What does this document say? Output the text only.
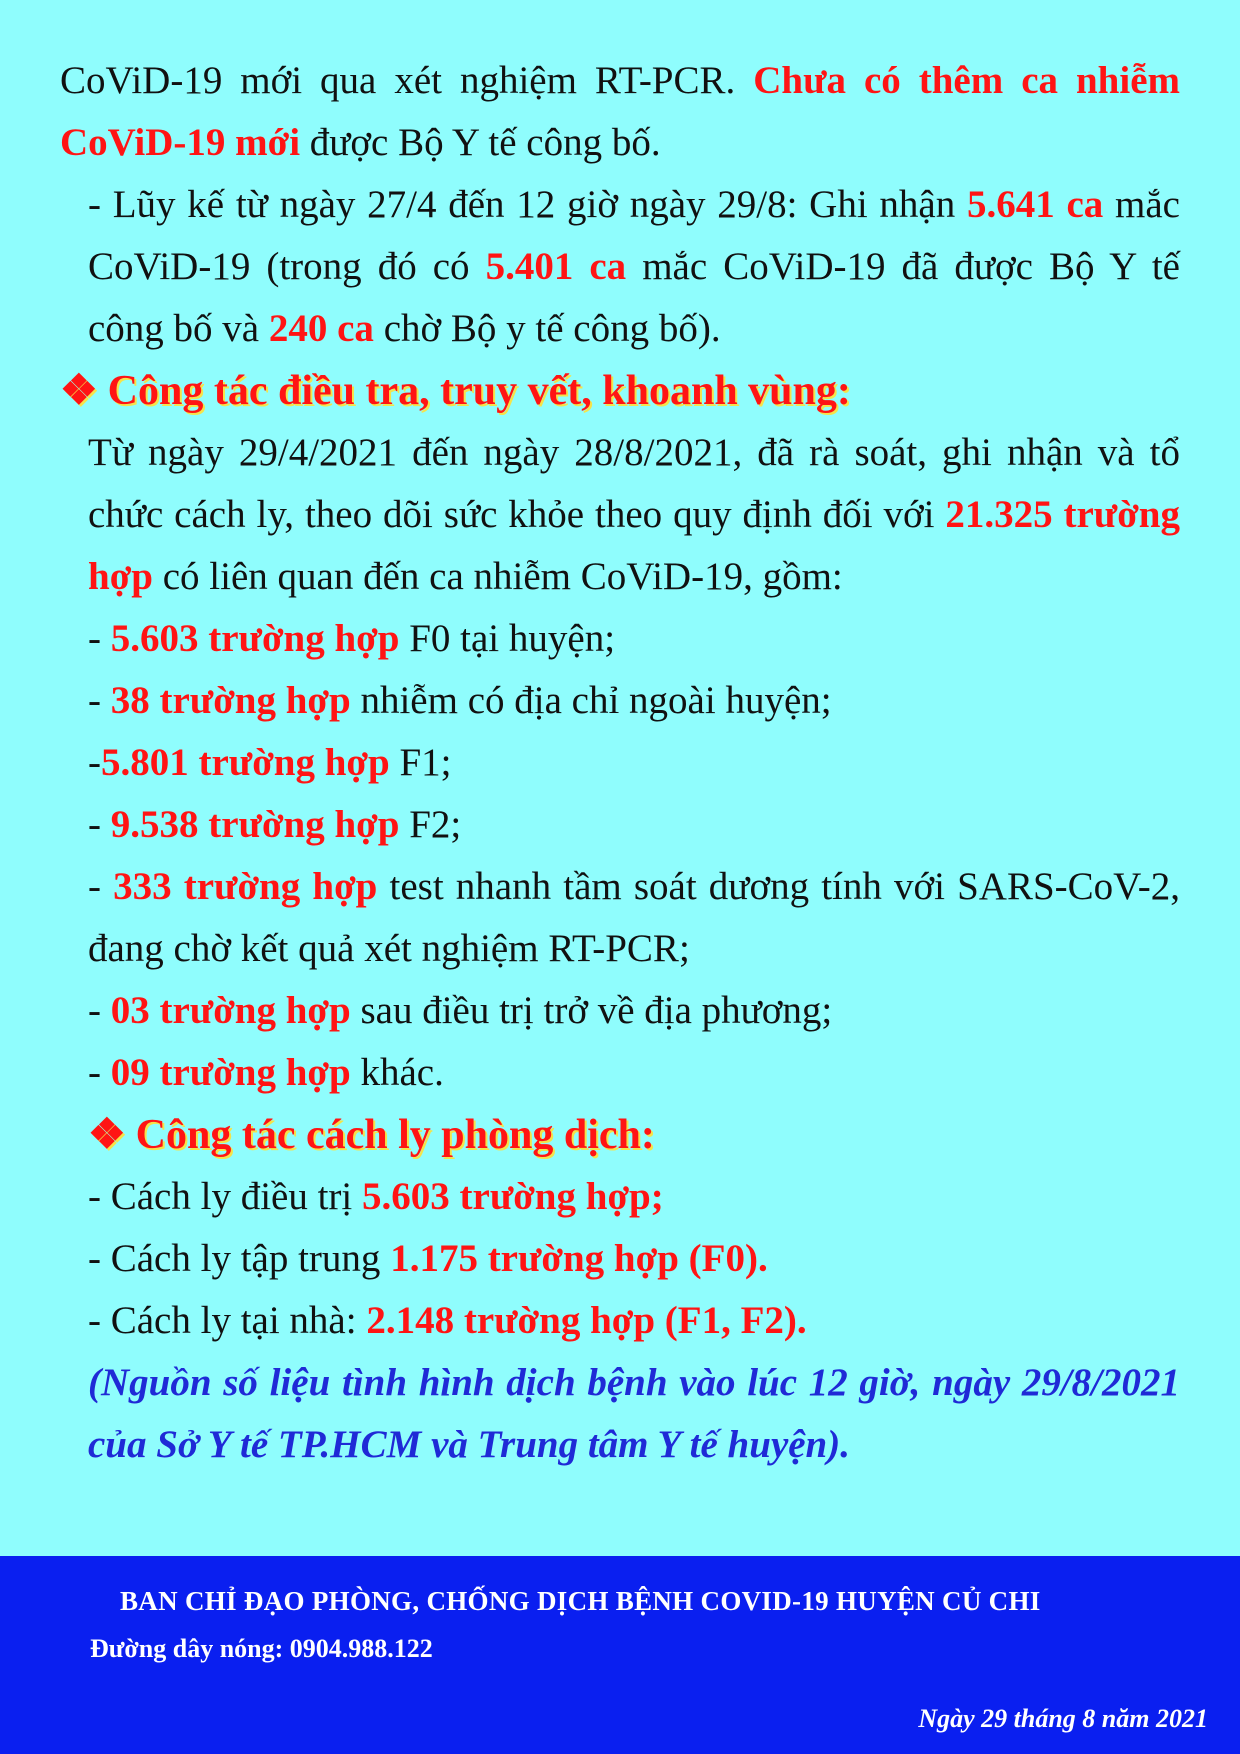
CoViD-19 mới qua xét nghiệm RT-PCR. Chưa có thêm ca nhiễm CoViD-19 mới được Bộ Y tế công bố.

- Lũy kế từ ngày 27/4 đến 12 giờ ngày 29/8: Ghi nhận 5.641 ca mắc CoViD-19 (trong đó có 5.401 ca mắc CoViD-19 đã được Bộ Y tế công bố và 240 ca chờ Bộ y tế công bố).

❖ Công tác điều tra, truy vết, khoanh vùng:

Từ ngày 29/4/2021 đến ngày 28/8/2021, đã rà soát, ghi nhận và tổ chức cách ly, theo dõi sức khỏe theo quy định đối với 21.325 trường hợp có liên quan đến ca nhiễm CoViD-19, gồm:

- 5.603 trường hợp F0 tại huyện;

- 38 trường hợp nhiễm có địa chỉ ngoài huyện;

-5.801 trường hợp F1;

- 9.538 trường hợp F2;

- 333 trường hợp test nhanh tầm soát dương tính với SARS-CoV-2, đang chờ kết quả xét nghiệm RT-PCR;

- 03 trường hợp sau điều trị trở về địa phương;

- 09 trường hợp khác.

❖ Công tác cách ly phòng dịch:

- Cách ly điều trị 5.603 trường hợp;

- Cách ly tập trung 1.175 trường hợp (F0).

- Cách ly tại nhà: 2.148 trường hợp (F1, F2).

(Nguồn số liệu tình hình dịch bệnh vào lúc 12 giờ, ngày 29/8/2021 của Sở Y tế TP.HCM và Trung tâm Y tế huyện).

BAN CHỈ ĐẠO PHÒNG, CHỐNG DỊCH BỆNH COVID-19 HUYỆN CỦ CHI
Đường dây nóng: 0904.988.122
Ngày 29 tháng 8 năm 2021
